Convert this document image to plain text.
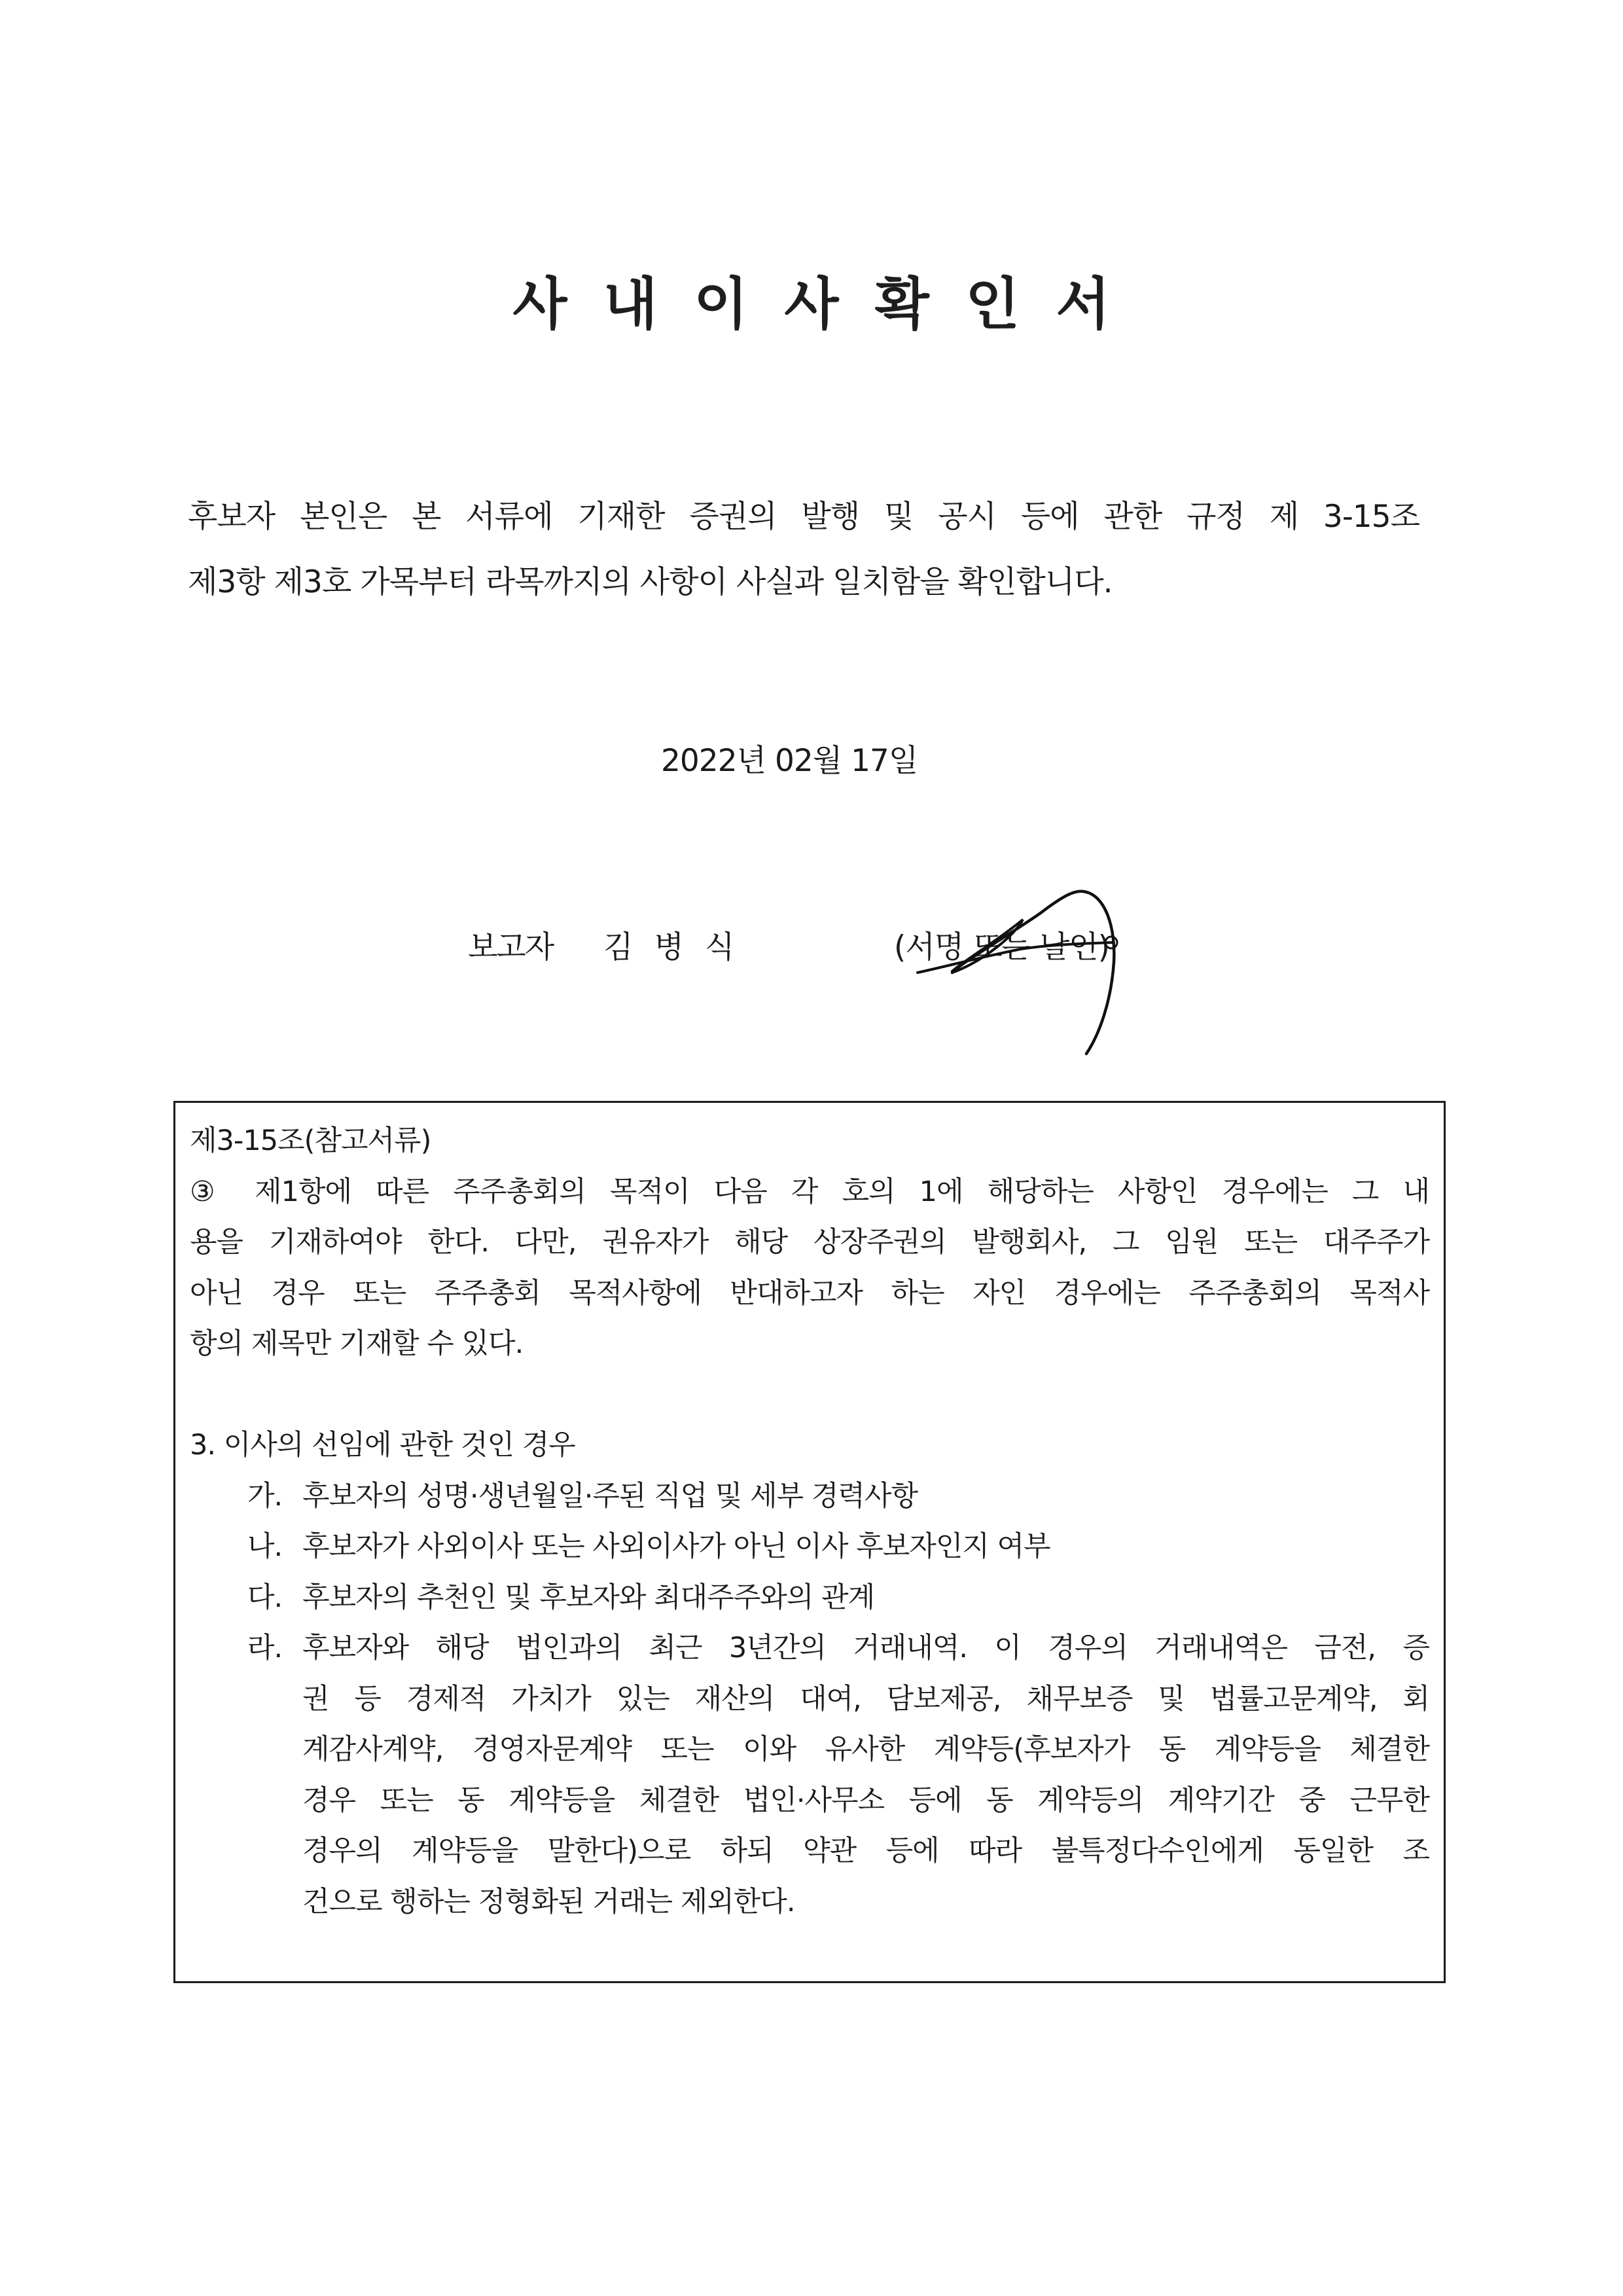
사 내 이 사 확 인 서
후보자 본인은 본 서류에 기재한 증권의 발행 및 공시 등에 관한 규정 제 3-15조
제3항 제3호 가목부터 라목까지의 사항이 사실과 일치함을 확인합니다.
2022년 02월 17일
보고자 김병식	(서명 또는 날인)
제3-15조(참고서류)
③ 제1항에 따른 주주총회의 목적이 다음 각 호의 1에 해당하는 사항인 경우에는 그 내
용을 기재하여야 한다. 다만, 권유자가 해당 상장주권의 발행회사, 그 임원 또는 대주주가
아닌 경우 또는 주주총회 목적사항에 반대하고자 하는 자인 경우에는 주주총회의 목적사
항의 제목만 기재할 수 있다.
3. 이사의 선임에 관한 것인 경우
가. 후보자의 성명·생년월일·주된 직업 및 세부 경력사항
나. 후보자가 사외이사 또는 사외이사가 아닌 이사 후보자인지 여부
다. 후보자의 추천인 및 후보자와 최대주주와의 관계
라. 후보자와 해당 법인과의 최근 3년간의 거래내역. 이 경우의 거래내역은 금전, 증
권 등 경제적 가치가 있는 재산의 대여, 담보제공, 채무보증 및 법률고문계약, 회
계감사계약, 경영자문계약 또는 이와 유사한 계약등(후보자가 동 계약등을 체결한
경우 또는 동 계약등을 체결한 법인·사무소 등에 동 계약등의 계약기간 중 근무한
경우의 계약등을 말한다)으로 하되 약관 등에 따라 불특정다수인에게 동일한 조
건으로 행하는 정형화된 거래는 제외한다.
